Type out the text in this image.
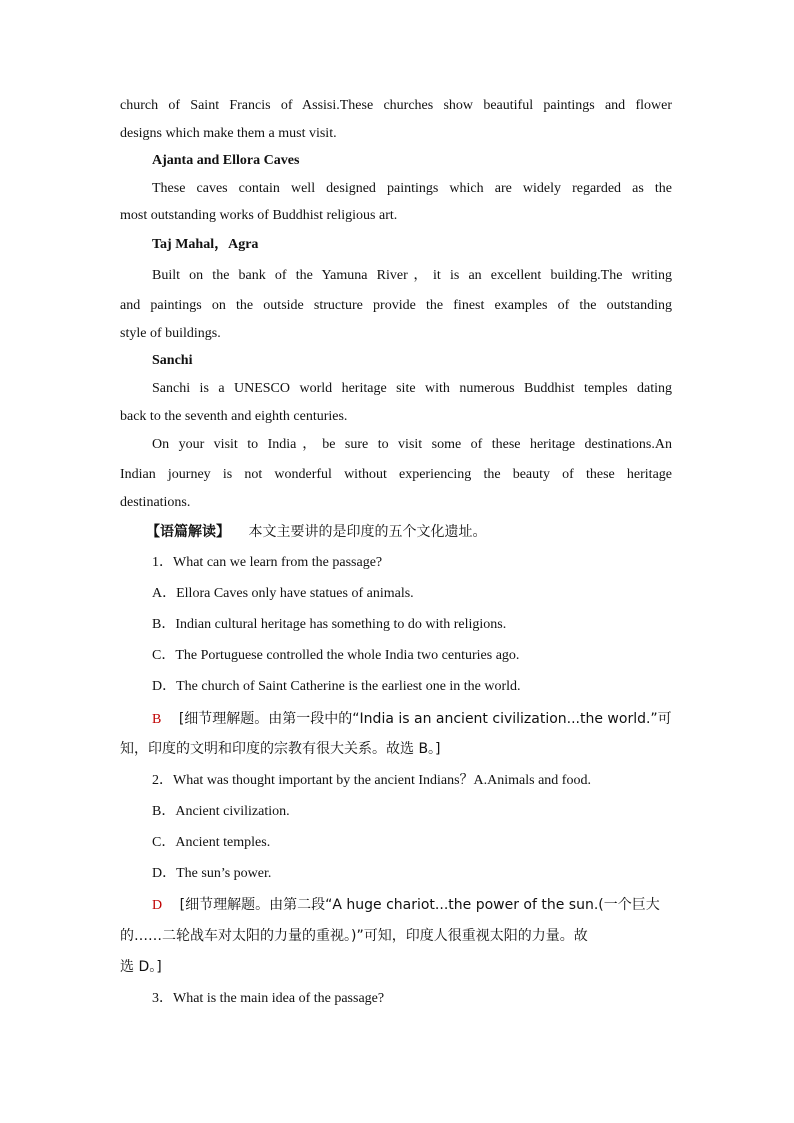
church of Saint Francis of Assisi.These churches show beautiful paintings and flower
designs which make them a must visit.
Ajanta and Ellora Caves
These caves contain well designed paintings which are widely regarded as the
most outstanding works of Buddhist religious art.
Taj Mahal，Agra
Built on the bank of the Yamuna River，it is an excellent building.The writing
and paintings on the outside structure provide the finest examples of the outstanding
style of buildings.
Sanchi
Sanchi is a UNESCO world heritage site with numerous Buddhist temples dating
back to the seventh and eighth centuries.
On your visit to India，be sure to visit some of these heritage destinations.An
Indian journey is not wonderful without experiencing the beauty of these heritage
destinations.
【语篇解读】 本文主要讲的是印度的五个文化遗址。
1．What can we learn from the passage?
A．Ellora Caves only have statues of animals.
B．Indian cultural heritage has something to do with religions.
C．The Portuguese controlled the whole India two centuries ago.
D．The church of Saint Catherine is the earliest one in the world.
B [细节理解题。由第一段中的“India is an ancient civilization...the world.”可
知，印度的文明和印度的宗教有很大关系。故选 B。]
2．What was thought important by the ancient Indians？A.Animals and food.
B．Ancient civilization.
C．Ancient temples.
D．The sun’s power.
D [细节理解题。由第二段“A huge chariot...the power of the sun.(一个巨大
的……二轮战车对太阳的力量的重视。)”可知，印度人很重视太阳的力量。故
选 D。]
3．What is the main idea of the passage?
